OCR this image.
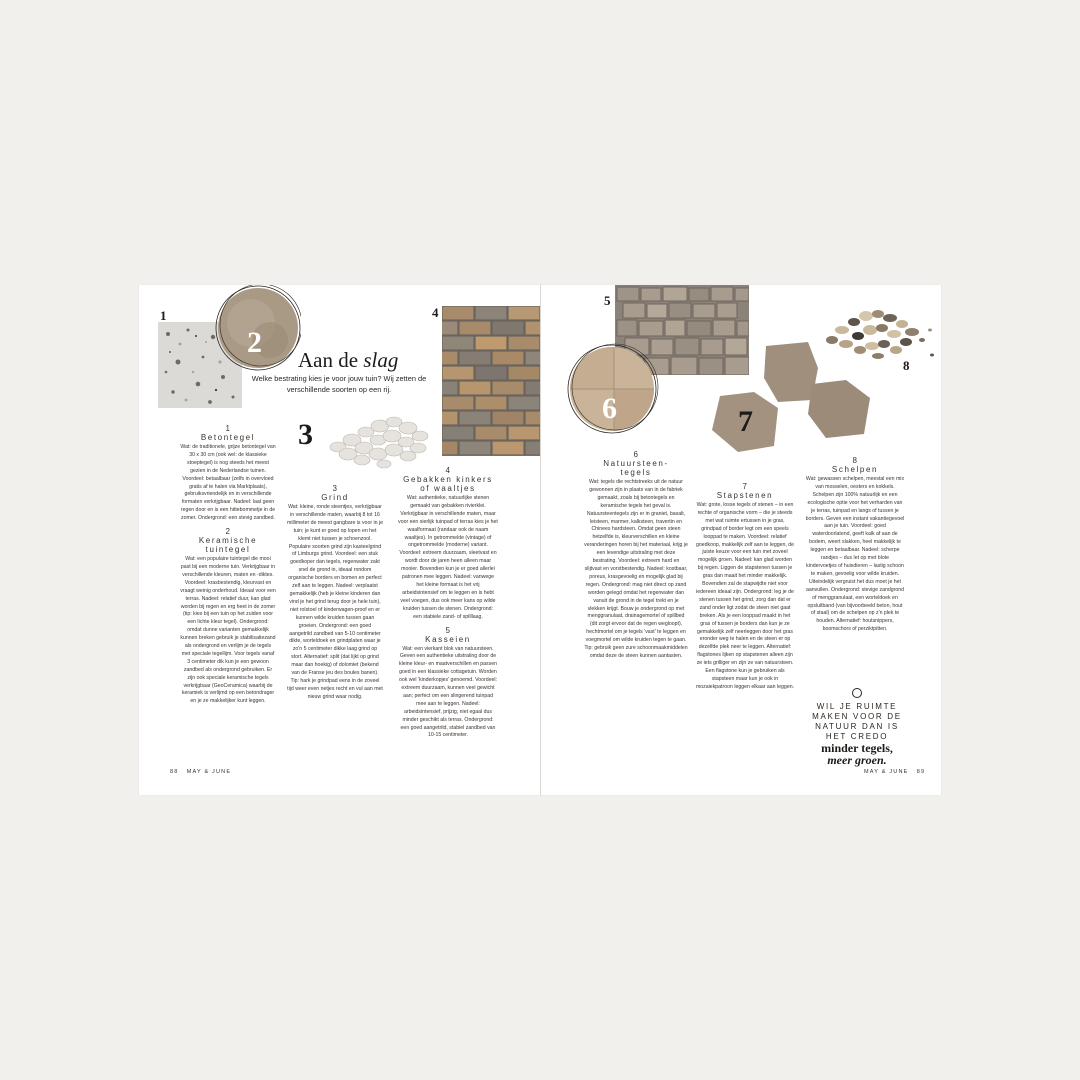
1
2
3
4
Aan de slag
Welke bestrating kies je voor jouw tuin? Wij zetten de verschillende soorten op een rij.
1
Betontegel

Wat: de traditionele, grijze betontegel van 30 x 30 cm (ook wel: de klassieke stoeptegel) is nog steeds het meest gezien in de Nederlandse tuinen. Voordeel: betaalbaar (zelfs in overvloed gratis af te halen via Marktplaats), gebruiksvriendelijk en in verschillende formaten verkrijgbaar. Nadeel: laat geen regen door en is een hittebommetje in de zomer. Ondergrond: een stevig zandbed.

2
Keramische tuintegel

Wat: een populaire tuintegel die mooi past bij een moderne tuin. Verkrijgbaar in verschillende kleuren, maten en -diktes. Voordeel: krasbestendig, kleurvast en vraagt weinig onderhoud. Ideaal voor een terras. Nadeel: relatief duur, kan glad worden bij regen en erg heet in de zomer (tip: kies bij een tuin op het zuiden voor een lichte kleur tegel). Ondergrond: omdat dunne varianten gemakkelijk kunnen breken gebruik je stabilisatiezand als ondergrond en verlijm je de tegels met speciale tegellijm. Voor tegels vanaf 3 centimeter dik kun je een gewoon zandbed als ondergrond gebruiken. Er zijn ook speciale keramische tegels verkrijgbaar (GeoCeramica) waarbij de keramiek is verlijmd op een betondrager en je ze makkelijker kunt leggen.

3
Grind

Wat: kleine, ronde steentjes, verkrijgbaar in verschillende maten, waarbij 8 tot 16 millimeter de meest gangbare is voor in je tuin; je kunt er goed op lopen en het klemt niet tussen je schoenzool. Populaire soorten grind zijn kasteelgrind of Limburgs grind. Voordeel: een stuk goedkoper dan tegels, regenwater zakt snel de grond in, ideaal rondom organische borders en bomen en perfect zelf aan te leggen. Nadeel: verplaatst gemakkelijk (heb je kleine kinderen dan vind je het grind terug door je hele tuin), niet rolstoel of kinderwagen-proof en er kunnen wilde kruiden tussen gaan groeien. Ondergrond: een goed aangetrild zandbed van 5-10 centimeter dikte, worteldoek en grindplaten waar je zo'n 5 centimeter dikke laag grind op stort. Alternatief: split (dat lijkt op grind maar dan hoekig) of dolomiet (bekend van de Franse jeu des boules banen). Tip: hark je grindpad eens in de zoveel tijd weer even netjes recht en vul aan met nieuw grind waar nodig.

4
Gebakken kinkers of waaltjes

Wat: authentieke, natuurlijke stenen gemaakt van gebakken rivierklei. Verkrijgbaar in verschillende maten, maar voor een sierlijk tuinpad of terras kies je het waalformaat (randaar ook de naam waaltjes). In getrommelde (vintage) of ongetrommelde (moderne) variant. Voordeel: extreem duurzaam, sleetvast en wordt door de jaren heen alleen maar mooier. Bovendien kun je er goed allerlei patronen mee leggen. Nadeel: vanwege het kleine formaat is het vrij arbeidsintensief om te leggen en is hebt veel voegen, dus ook meer kans op wilde kruiden tussen de stenen. Ondergrond: een stabiele zand- of spilllaag.

5
Kasseien

Wat: een vierkant blok van natuursteen. Geven een authentieke uitstraling door de kleine kleur- en maatverschillen en passen goed in een klassieke cottagetuin. Worden ook wel 'kinderkopjes' genoemd. Voordeel: extreem duurzaam, kunnen veel gewicht aan; perfect om een slingerend tuinpad mee aan te leggen. Nadeel: arbeidsintensief, prijzig, niet egaal dus minder geschikt als terras. Ondergrond: een goed aangetrild, stabiel zandbed van 10-15 centimeter.

88 MAY & JUNE
5
6	7
8
6
Natuursteen-tegels

Wat: tegels die rechtstreeks uit de natuur gewonnen zijn in plaats van in de fabriek gemaakt, zoals bij betontegels en keramische tegels het geval is. Natuursteentegels zijn er in graniet, basalt, leisteen, marmer, kalksteen, travertin en Chinees hardsteen. Omdat geen steen hetzelfde is, kleurverschillen en kleine veranderingen horen bij het materiaal, krijg je een levendige uitstraling met deze bestrating. Voordeel: extreem hard en slijtvast en vorstbestendig. Nadeel: kostbaar, poreus, krasgevoelig en mogelijk glad bij regen. Ondergrond: mag niet direct op zand worden gelegd omdat het regenwater dan vanuit de grond in de tegel trekt en je vlekken krijgt. Bouw je ondergrond op met menggranulaat, drainagemortel of spillbed (dit zorgt ervoor dat de regen wegloopt), hechtmortel om je tegels 'vast' te leggen en voegmortel om wilde kruiden tegen te gaan. Tip: gebruik geen zure schoonmaakmiddelen omdat deze de steen kunnen aantasten.

7
Stapstenen

Wat: grote, losse tegels of stenen – in een rechte of organische vorm – die je steeds met wat ruimte ertussen in je gras, grindpad of border legt om een speels looppad te maken. Voordeel: relatief goedkoop, makkelijk zelf aan te leggen, de juiste keuze voor een tuin met zoveel mogelijk groen. Nadeel: kan glad worden bij regen. Liggen de stapstenen tussen je gras dan maait het minder makkelijk. Bovendien zal de stapwijdte niet voor iedereen ideaal zijn. Ondergrond: leg je de stenen tussen het grind, zorg dan dat er zand onder ligt zodat de steen niet gaat breken. Als je een looppad maakt in het gras of tussen je borders dan kun je ze gemakkelijk zelf neerleggen door het gras eronder weg te halen en de steen er op dezelfde plek neer te leggen. Alternatief: flagstones lijken op stapstenen alleen zijn ze iets grilliger en zijn ze van natuursteen. Een flagstone kun je gebruiken als stapsteen maar kun je ook in mozaiekpatroon leggen elkaar aan leggen.

8
Schelpen

Wat: gewassen schelpen, meestal een mix van mosselen, oesters en kokkels. Schelpen zijn 100% natuurlijk en een ecologische optie voor het verharden van je terras, tuinpad en langs of tussen je borders. Geven een instant vakantiegevoel aan je tuin. Voordeel: goed waterdoorlatend, geeft kalk af aan de bodem, weert slakken, heel makkelijk te leggen en betaalbaar. Nadeel: scherpe randjes – dus let op met blote kindervoetjes of huisdieren – lastig schoon te maken, gevoelig voor wilde kruiden. Uiteindelijk vergruist het dus moet je het aanvullen. Ondergrond: stevige zandgrond of menggranulaat, een worteldoek en opsluitband (van bijvoorbeeld beton, hout of staal) om de schelpen op z'n plek te houden. Alternatief: houtsnippers, boomschors of perziktpitten.

WIL JE RUIMTE MAKEN VOOR DE NATUUR DAN IS HET CREDO
minder tegels,
meer groen.
MAY & JUNE 89
